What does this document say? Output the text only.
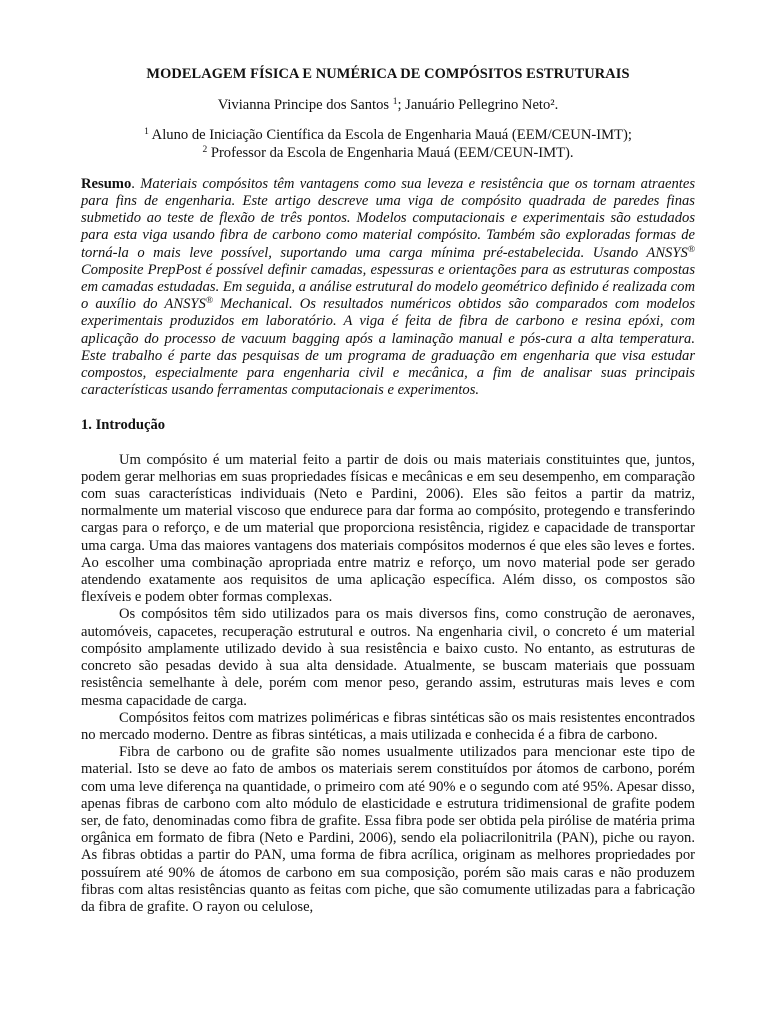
MODELAGEM FÍSICA E NUMÉRICA DE COMPÓSITOS ESTRUTURAIS
Vivianna Principe dos Santos $^1$; Januário Pellegrino Neto².
$^1$ Aluno de Iniciação Científica da Escola de Engenharia Mauá (EEM/CEUN-IMT);
$^2$ Professor da Escola de Engenharia Mauá (EEM/CEUN-IMT).

Resumo. Materiais compósitos têm vantagens como sua leveza e resistência que os tornam atraentes para fins de engenharia. Este artigo descreve uma viga de compósito quadrada de paredes finas submetido ao teste de flexão de três pontos. Modelos computacionais e experimentais são estudados para esta viga usando fibra de carbono como material compósito. Também são exploradas formas de torná-la o mais leve possível, suportando uma carga mínima pré-estabelecida. Usando ANSYS® Composite PrepPost é possível definir camadas, espessuras e orientações para as estruturas compostas em camadas estudadas. Em seguida, a análise estrutural do modelo geométrico definido é realizada com o auxílio do ANSYS® Mechanical. Os resultados numéricos obtidos são comparados com modelos experimentais produzidos em laboratório. A viga é feita de fibra de carbono e resina epóxi, com aplicação do processo de vacuum bagging após a laminação manual e pós-cura a alta temperatura. Este trabalho é parte das pesquisas de um programa de graduação em engenharia que visa estudar compostos, especialmente para engenharia civil e mecânica, a fim de analisar suas principais características usando ferramentas computacionais e experimentos.

1. Introdução

Um compósito é um material feito a partir de dois ou mais materiais constituintes que, juntos, podem gerar melhorias em suas propriedades físicas e mecânicas e em seu desempenho, em comparação com suas características individuais (Neto e Pardini, 2006). Eles são feitos a partir da matriz, normalmente um material viscoso que endurece para dar forma ao compósito, protegendo e transferindo cargas para o reforço, e de um material que proporciona resistência, rigidez e capacidade de transportar uma carga. Uma das maiores vantagens dos materiais compósitos modernos é que eles são leves e fortes. Ao escolher uma combinação apropriada entre matriz e reforço, um novo material pode ser gerado atendendo exatamente aos requisitos de uma aplicação específica. Além disso, os compostos são flexíveis e podem obter formas complexas.

Os compósitos têm sido utilizados para os mais diversos fins, como construção de aeronaves, automóveis, capacetes, recuperação estrutural e outros. Na engenharia civil, o concreto é um material compósito amplamente utilizado devido à sua resistência e baixo custo. No entanto, as estruturas de concreto são pesadas devido à sua alta densidade. Atualmente, se buscam materiais que possuam resistência semelhante à dele, porém com menor peso, gerando assim, estruturas mais leves e com mesma capacidade de carga.

Compósitos feitos com matrizes poliméricas e fibras sintéticas são os mais resistentes encontrados no mercado moderno. Dentre as fibras sintéticas, a mais utilizada e conhecida é a fibra de carbono.

Fibra de carbono ou de grafite são nomes usualmente utilizados para mencionar este tipo de material. Isto se deve ao fato de ambos os materiais serem constituídos por átomos de carbono, porém com uma leve diferença na quantidade, o primeiro com até 90% e o segundo com até 95%. Apesar disso, apenas fibras de carbono com alto módulo de elasticidade e estrutura tridimensional de grafite podem ser, de fato, denominadas como fibra de grafite. Essa fibra pode ser obtida pela pirólise de matéria prima orgânica em formato de fibra (Neto e Pardini, 2006), sendo ela poliacrilonitrila (PAN), piche ou rayon. As fibras obtidas a partir do PAN, uma forma de fibra acrílica, originam as melhores propriedades por possuírem até 90% de átomos de carbono em sua composição, porém são mais caras e não produzem fibras com altas resistências quanto as feitas com piche, que são comumente utilizadas para a fabricação da fibra de grafite. O rayon ou celulose,
